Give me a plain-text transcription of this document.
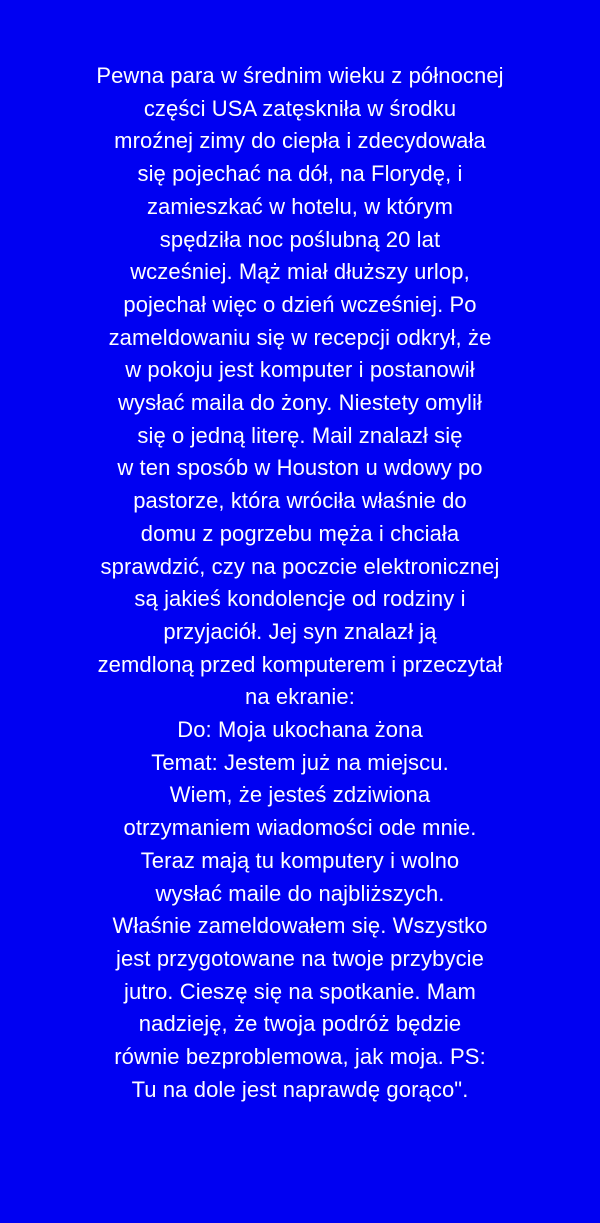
Pewna para w średnim wieku z północnej
części USA zatęskniła w środku
mroźnej zimy do ciepła i zdecydowała
się pojechać na dół, na Florydę, i
zamieszkać w hotelu, w którym
spędziła noc poślubną 20 lat
wcześniej. Mąż miał dłuższy urlop,
pojechał więc o dzień wcześniej. Po
zameldowaniu się w recepcji odkrył, że
w pokoju jest komputer i postanowił
wysłać maila do żony. Niestety omylił
się o jedną literę. Mail znalazł się
w ten sposób w Houston u wdowy po
pastorze, która wróciła właśnie do
domu z pogrzebu męża i chciała
sprawdzić, czy na poczcie elektronicznej
są jakieś kondolencje od rodziny i
przyjaciół. Jej syn znalazł ją
zemdloną przed komputerem i przeczytał
na ekranie:
Do: Moja ukochana żona
Temat: Jestem już na miejscu.
Wiem, że jesteś zdziwiona
otrzymaniem wiadomości ode mnie.
Teraz mają tu komputery i wolno
wysłać maile do najbliższych.
Właśnie zameldowałem się. Wszystko
jest przygotowane na twoje przybycie
jutro. Cieszę się na spotkanie. Mam
nadzieję, że twoja podróż będzie
równie bezproblemowa, jak moja. PS:
Tu na dole jest naprawdę gorąco".
